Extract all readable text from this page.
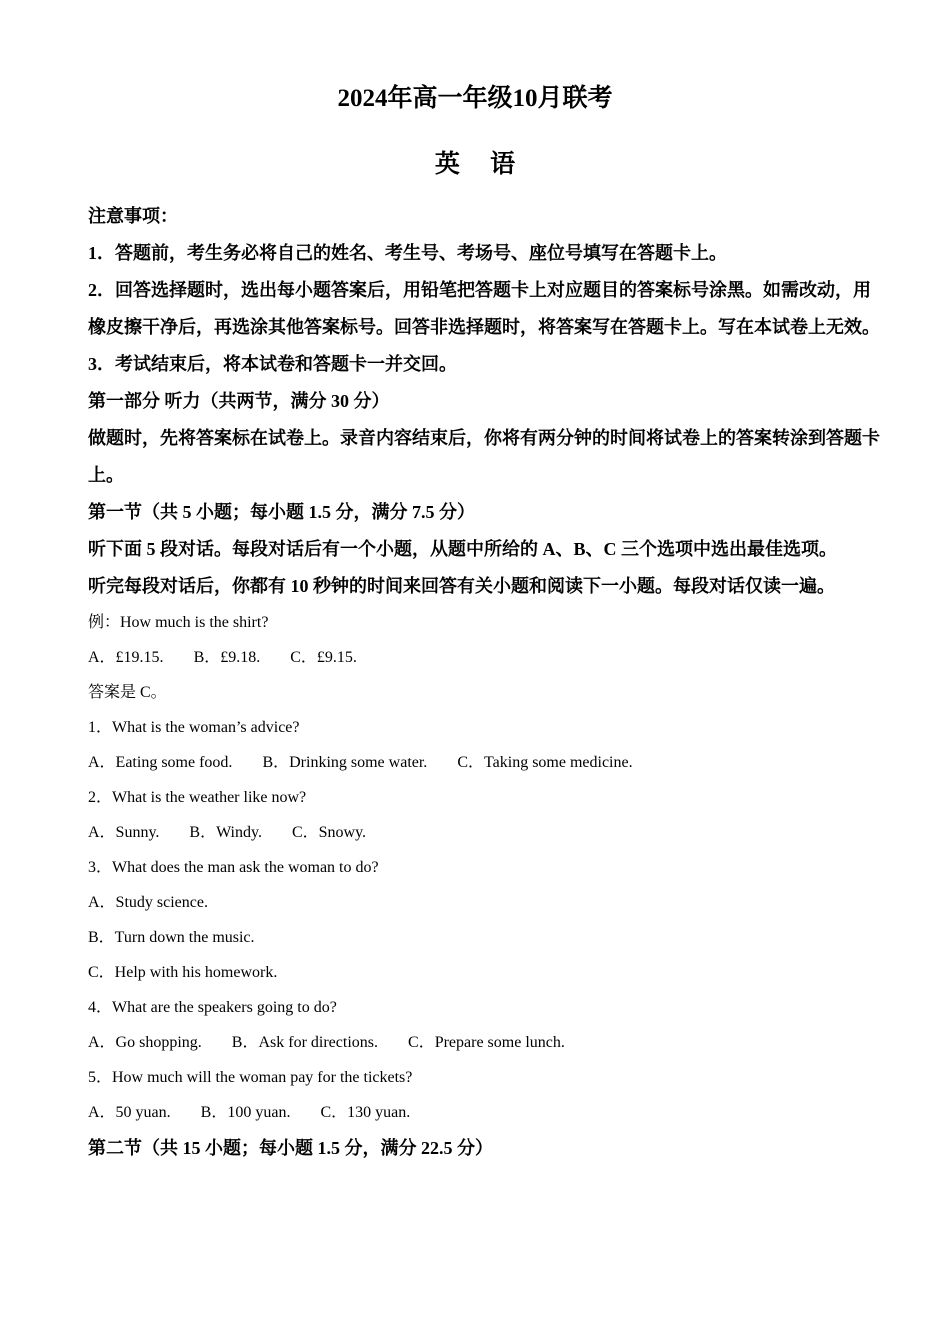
2024年高一年级10月联考
英 语

注意事项：

1．答题前，考生务必将自己的姓名、考生号、考场号、座位号填写在答题卡上。

2．回答选择题时，选出每小题答案后，用铅笔把答题卡上对应题目的答案标号涂黑。如需改动，用橡皮擦干净后，再选涂其他答案标号。回答非选择题时，将答案写在答题卡上。写在本试卷上无效。

3．考试结束后，将本试卷和答题卡一并交回。

第一部分 听力（共两节，满分 30 分）

做题时，先将答案标在试卷上。录音内容结束后，你将有两分钟的时间将试卷上的答案转涂到答题卡上。

第一节（共 5 小题；每小题 1.5 分，满分 7.5 分）

听下面 5 段对话。每段对话后有一个小题，从题中所给的 A、B、C 三个选项中选出最佳选项。

听完每段对话后，你都有 10 秒钟的时间来回答有关小题和阅读下一小题。每段对话仅读一遍。

例：How much is the shirt?

A．£19.15. B．£9.18. C．£9.15.

答案是 C。

1．What is the woman’s advice?

A．Eating some food. B．Drinking some water. C．Taking some medicine.

2．What is the weather like now?

A．Sunny. B．Windy. C．Snowy.

3．What does the man ask the woman to do?

A．Study science.

B．Turn down the music.

C．Help with his homework.

4．What are the speakers going to do?

A．Go shopping. B．Ask for directions. C．Prepare some lunch.

5．How much will the woman pay for the tickets?

A．50 yuan. B．100 yuan. C．130 yuan.

第二节（共 15 小题；每小题 1.5 分，满分 22.5 分）
